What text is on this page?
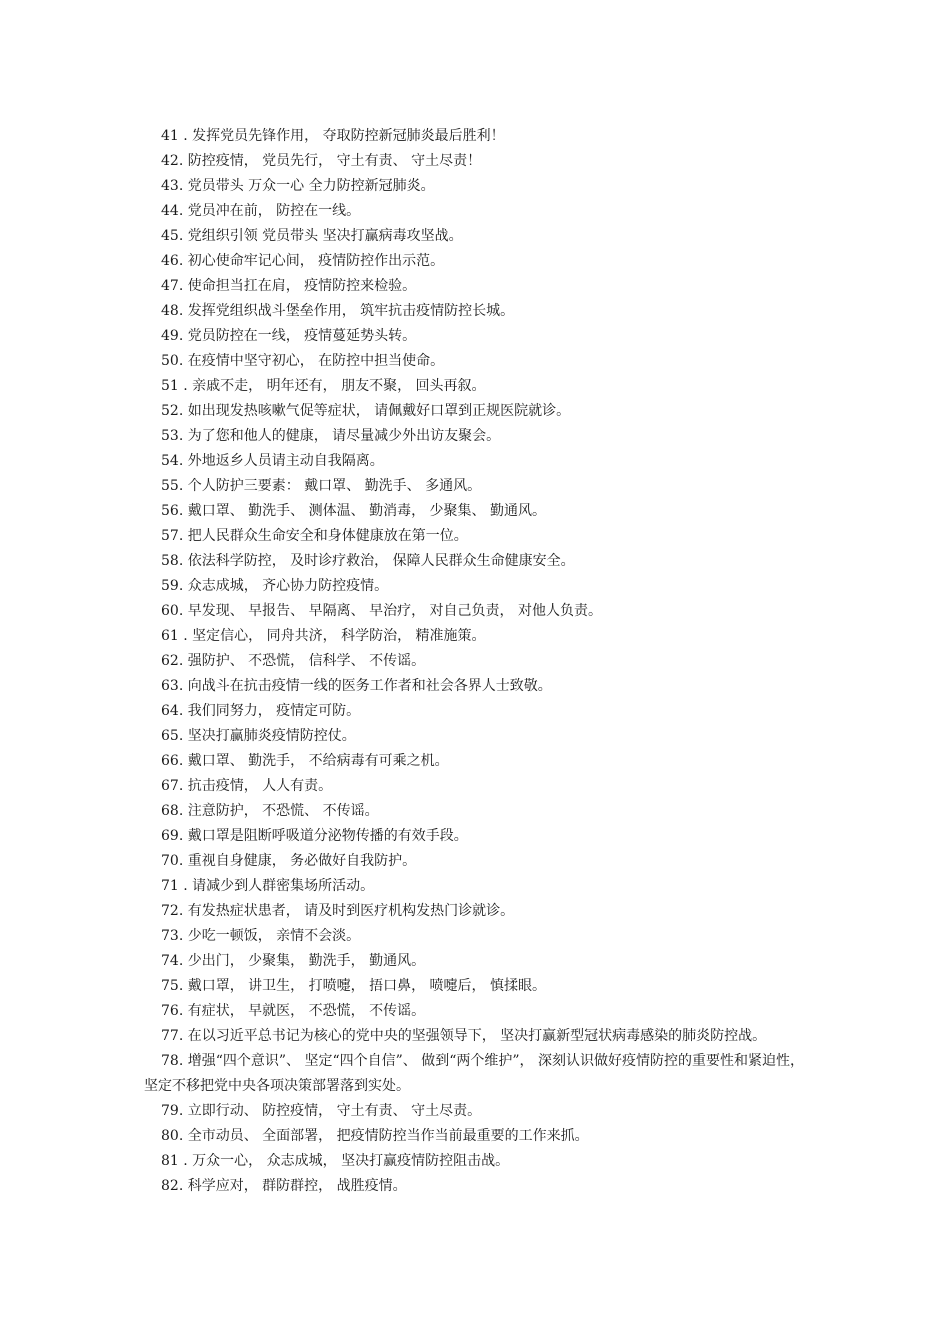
41 . 发挥党员先锋作用， 夺取防控新冠肺炎最后胜利！

42. 防控疫情， 党员先行， 守土有责、 守土尽责！

43. 党员带头 万众一心 全力防控新冠肺炎。

44. 党员冲在前， 防控在一线。

45. 党组织引领 党员带头 坚决打赢病毒攻坚战。

46. 初心使命牢记心间， 疫情防控作出示范。

47. 使命担当扛在肩， 疫情防控来检验。

48. 发挥党组织战斗堡垒作用， 筑牢抗击疫情防控长城。

49. 党员防控在一线， 疫情蔓延势头转。

50. 在疫情中坚守初心， 在防控中担当使命。

51 . 亲戚不走， 明年还有， 朋友不聚， 回头再叙。

52. 如出现发热咳嗽气促等症状， 请佩戴好口罩到正规医院就诊。

53. 为了您和他人的健康， 请尽量减少外出访友聚会。

54. 外地返乡人员请主动自我隔离。

55. 个人防护三要素： 戴口罩、 勤洗手、 多通风。

56. 戴口罩、 勤洗手、 测体温、 勤消毒， 少聚集、 勤通风。

57. 把人民群众生命安全和身体健康放在第一位。

58. 依法科学防控， 及时诊疗救治， 保障人民群众生命健康安全。

59. 众志成城， 齐心协力防控疫情。

60. 早发现、 早报告、 早隔离、 早治疗， 对自己负责， 对他人负责。

61 . 坚定信心， 同舟共济， 科学防治， 精准施策。

62. 强防护、 不恐慌， 信科学、 不传谣。

63. 向战斗在抗击疫情一线的医务工作者和社会各界人士致敬。

64. 我们同努力， 疫情定可防。

65. 坚决打赢肺炎疫情防控仗。

66. 戴口罩、 勤洗手， 不给病毒有可乘之机。

67. 抗击疫情， 人人有责。

68. 注意防护， 不恐慌、 不传谣。

69. 戴口罩是阻断呼吸道分泌物传播的有效手段。

70. 重视自身健康， 务必做好自我防护。

71 . 请减少到人群密集场所活动。

72. 有发热症状患者， 请及时到医疗机构发热门诊就诊。

73. 少吃一顿饭， 亲情不会淡。

74. 少出门， 少聚集， 勤洗手， 勤通风。

75. 戴口罩， 讲卫生， 打喷嚏， 捂口鼻， 喷嚏后， 慎揉眼。

76. 有症状， 早就医， 不恐慌， 不传谣。

77. 在以习近平总书记为核心的党中央的坚强领导下， 坚决打赢新型冠状病毒感染的肺炎防控战。

78. 增强“四个意识”、 坚定“四个自信”、 做到“两个维护”， 深刻认识做好疫情防控的重要性和紧迫性，坚定不移把党中央各项决策部署落到实处。

79. 立即行动、 防控疫情， 守土有责、 守土尽责。

80. 全市动员、 全面部署， 把疫情防控当作当前最重要的工作来抓。

81 . 万众一心， 众志成城， 坚决打赢疫情防控阻击战。

82. 科学应对， 群防群控， 战胜疫情。
